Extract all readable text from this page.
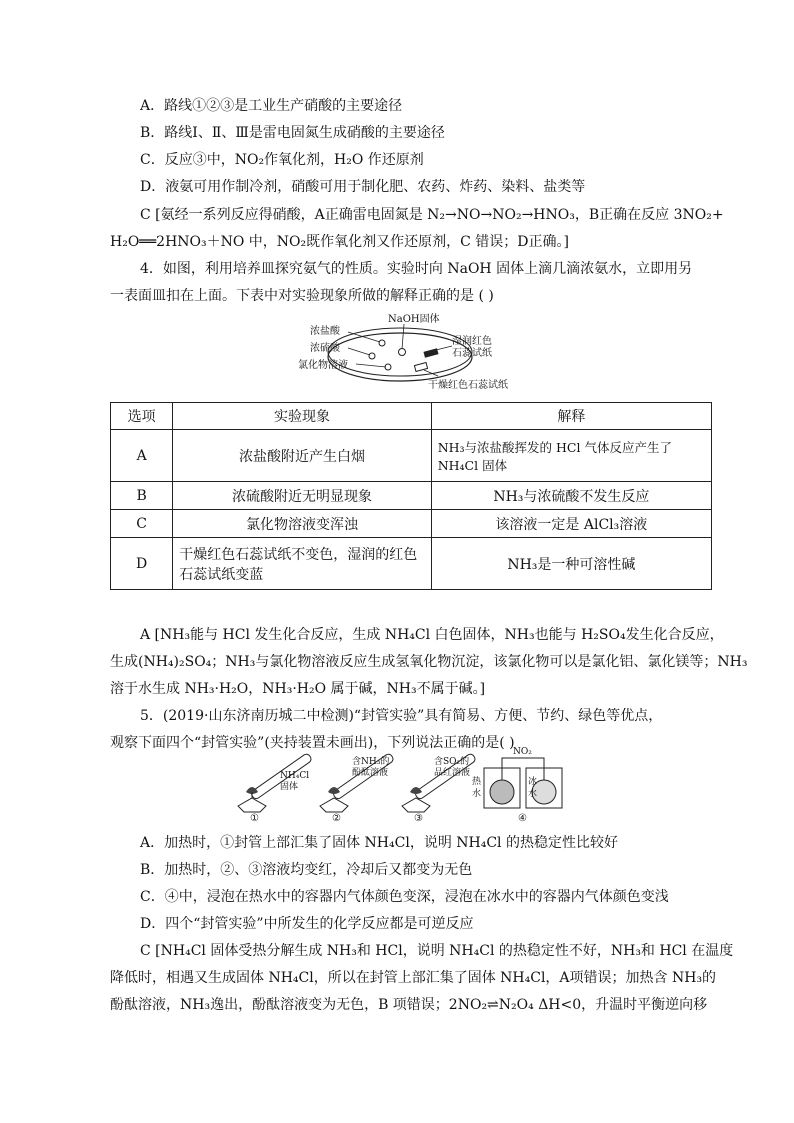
A．路线①②③是工业生产硝酸的主要途径
B．路线Ⅰ、Ⅱ、Ⅲ是雷电固氮生成硝酸的主要途径
C．反应③中，NO₂作氧化剂，H₂O 作还原剂
D．液氨可用作制冷剂，硝酸可用于制化肥、农药、炸药、染料、盐类等
C [氨经一系列反应得硝酸，A正确雷电固氮是 N₂→NO→NO₂→HNO₃，B正确在反应 3NO₂+
H₂O══2HNO₃＋NO 中，NO₂既作氧化剂又作还原剂，C 错误；D正确。]
4．如图，利用培养皿探究氨气的性质。实验时向 NaOH 固体上滴几滴浓氨水，立即用另
一表面皿扣在上面。下表中对实验现象所做的解释正确的是 ( )
NaOH固体
浓盐酸
浓硫酸
氯化物溶液
湿润红色
石蕊试纸
干燥红色石蕊试纸
选项	实验现象	解释
A	浓盐酸附近产生白烟	NH₃与浓盐酸挥发的 HCl 气体反应产生了 NH₄Cl 固体
B	浓硫酸附近无明显现象	NH₃与浓硫酸不发生反应
C	氯化物溶液变浑浊	该溶液一定是 AlCl₃溶液
D	干燥红色石蕊试纸不变色，湿润的红色石蕊试纸变蓝	NH₃是一种可溶性碱
A [NH₃能与 HCl 发生化合反应，生成 NH₄Cl 白色固体，NH₃也能与 H₂SO₄发生化合反应，
生成(NH₄)₂SO₄；NH₃与氯化物溶液反应生成氢氧化物沉淀，该氯化物可以是氯化铝、氯化镁等；NH₃
溶于水生成 NH₃·H₂O，NH₃·H₂O 属于碱，NH₃不属于碱。]
5．(2019·山东济南历城二中检测)“封管实验”具有简易、方便、节约、绿色等优点，
观察下面四个“封管实验”(夹持装置未画出)，下列说法正确的是( )
NH₄Cl
固体
①
含NH₃的
酚酞溶液
②
含SO₂的
品红溶液
③
NO₂
热
水
冰
水
④
A．加热时，①封管上部汇集了固体 NH₄Cl，说明 NH₄Cl 的热稳定性比较好
B．加热时，②、③溶液均变红，冷却后又都变为无色
C．④中，浸泡在热水中的容器内气体颜色变深，浸泡在冰水中的容器内气体颜色变浅
D．四个“封管实验”中所发生的化学反应都是可逆反应
C [NH₄Cl 固体受热分解生成 NH₃和 HCl，说明 NH₄Cl 的热稳定性不好，NH₃和 HCl 在温度
降低时，相遇又生成固体 NH₄Cl，所以在封管上部汇集了固体 NH₄Cl，A项错误；加热含 NH₃的
酚酞溶液，NH₃逸出，酚酞溶液变为无色，B 项错误；2NO₂⇌N₂O₄ ΔH<0，升温时平衡逆向移
